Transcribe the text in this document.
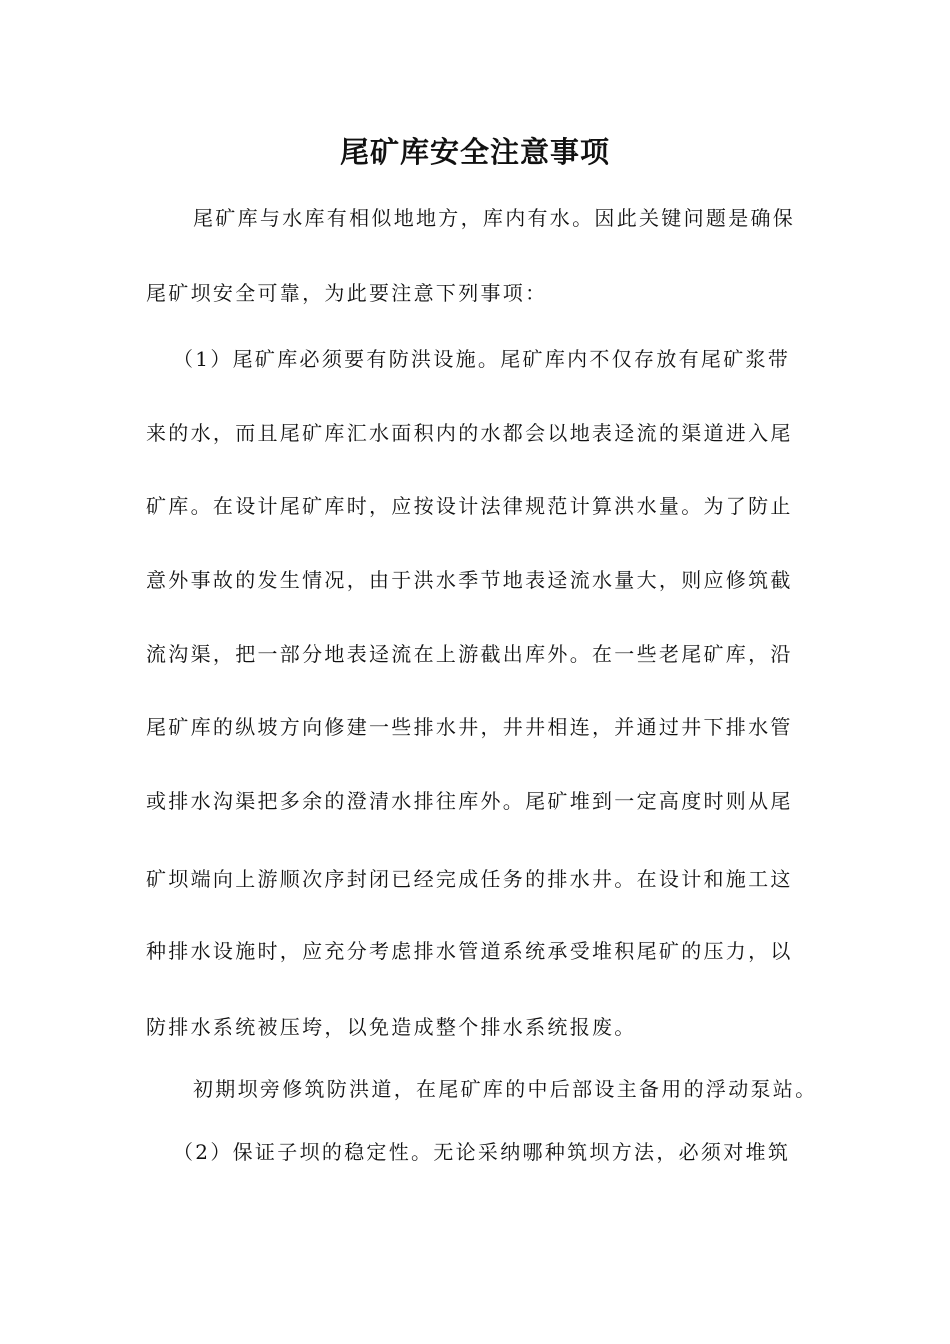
尾矿库安全注意事项
尾矿库与水库有相似地地方，库内有水。因此关键问题是确保
尾矿坝安全可靠，为此要注意下列事项：
（1）尾矿库必须要有防洪设施。尾矿库内不仅存放有尾矿浆带
来的水，而且尾矿库汇水面积内的水都会以地表迳流的渠道进入尾
矿库。在设计尾矿库时，应按设计法律规范计算洪水量。为了防止
意外事故的发生情况，由于洪水季节地表迳流水量大，则应修筑截
流沟渠，把一部分地表迳流在上游截出库外。在一些老尾矿库，沿
尾矿库的纵坡方向修建一些排水井，井井相连，并通过井下排水管
或排水沟渠把多余的澄清水排往库外。尾矿堆到一定高度时则从尾
矿坝端向上游顺次序封闭已经完成任务的排水井。在设计和施工这
种排水设施时，应充分考虑排水管道系统承受堆积尾矿的压力，以
防排水系统被压垮，以免造成整个排水系统报废。
初期坝旁修筑防洪道，在尾矿库的中后部设主备用的浮动泵站。
（2）保证子坝的稳定性。无论采纳哪种筑坝方法，必须对堆筑
